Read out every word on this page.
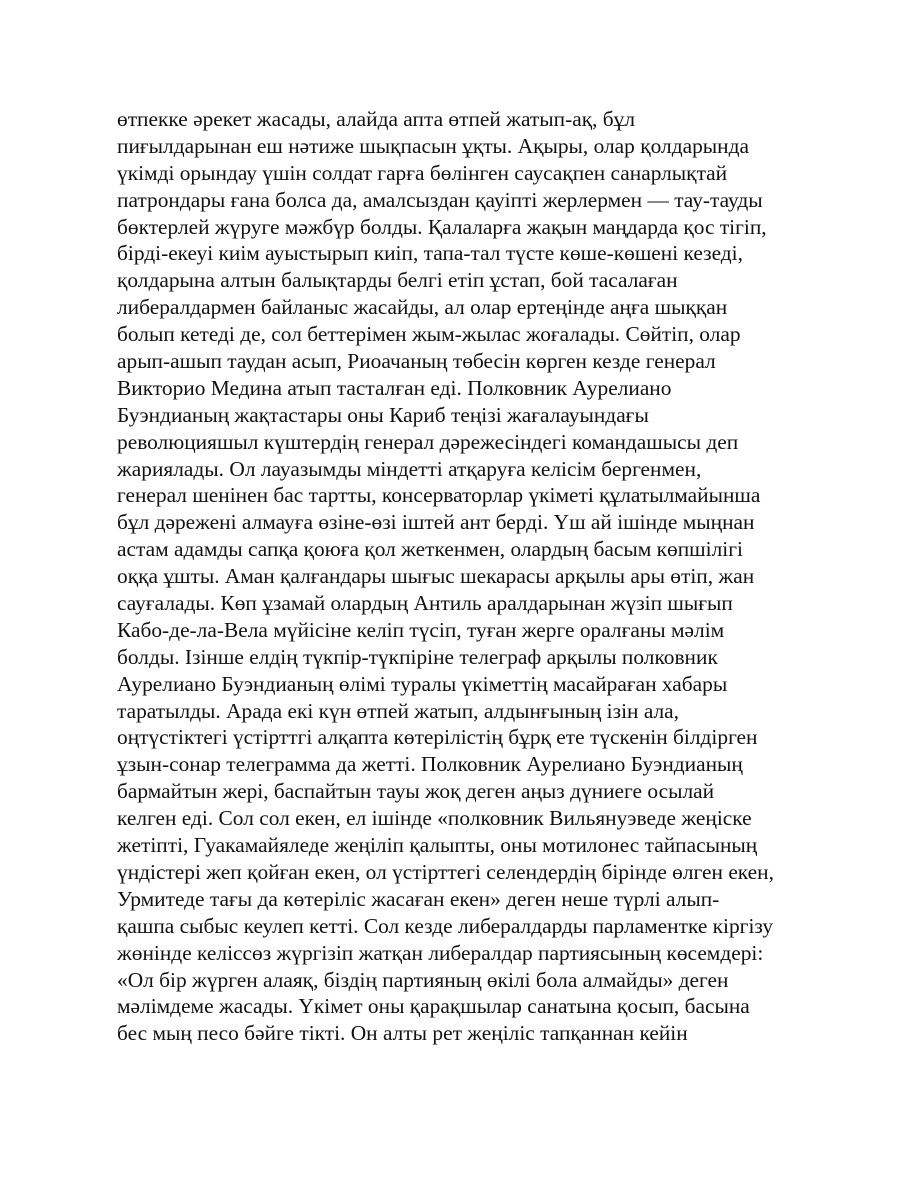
өтпекке әрекет жасады, алайда апта өтпей жатып-ақ, бұл
пиғылдарынан еш нәтиже шықпасын ұқты. Ақыры, олар қолдарында
үкімді орындау үшін солдат гарға бөлінген саусақпен санарлықтай
патрондары ғана болса да, амалсыздан қауіпті жерлермен — тау-тауды
бөктерлей жүруге мәжбүр болды. Қалаларға жақын маңдарда қос тігіп,
бірді-екеуі киім ауыстырып киіп, тапа-тал түсте көше-көшені кезеді,
қолдарына алтын балықтарды белгі етіп ұстап, бой тасалаған
либералдармен байланыс жасайды, ал олар ертеңінде аңға шыққан
болып кетеді де, сол беттерімен жым-жылас жоғалады. Сөйтіп, олар
арып-ашып таудан асып, Риоачаның төбесін көрген кезде генерал
Викторио Медина атып тасталған еді. Полковник Аурелиано
Буэндианың жақтастары оны Кариб теңізі жағалауындағы
революцияшыл күштердің генерал дәрежесіндегі командашысы деп
жариялады. Ол лауазымды міндетті атқаруға келісім бергенмен,
генерал шенінен бас тартты, консерваторлар үкіметі құлатылмайынша
бұл дәрежені алмауға өзіне-өзі іштей ант берді. Үш ай ішінде мыңнан
астам адамды сапқа қоюға қол жеткенмен, олардың басым көпшілігі
оққа ұшты. Аман қалғандары шығыс шекарасы арқылы ары өтіп, жан
сауғалады. Көп ұзамай олардың Антиль аралдарынан жүзіп шығып
Кабо-де-ла-Вела мүйісіне келіп түсіп, туған жерге оралғаны мәлім
болды. Ізінше елдің түкпір-түкпіріне телеграф арқылы полковник
Аурелиано Буэндианың өлімі туралы үкіметтің масайраған хабары
таратылды. Арада екі күн өтпей жатып, алдынғының ізін ала,
оңтүстіктегі үстірттгі алқапта көтерілістің бұрқ ете түскенін білдірген
ұзын-сонар телеграмма да жетті. Полковник Аурелиано Буэндианың
бармайтын жері, баспайтын тауы жоқ деген аңыз дүниеге осылай
келген еді. Сол сол екен, ел ішінде «полковник Вильянуэведе жеңіске
жетіпті, Гуакамайяледе жеңіліп қалыпты, оны мотилонес тайпасының
үндістері жеп қойған екен, ол үстірттегі селендердің бірінде өлген екен,
Урмитеде тағы да көтеріліс жасаған екен» деген неше түрлі алып-
қашпа сыбыс кеулеп кетті. Сол кезде либералдарды парламентке кіргізу
жөнінде келіссөз жүргізіп жатқан либералдар партиясының көсемдері:
«Ол бір жүрген алаяқ, біздің партияның өкілі бола алмайды» деген
мәлімдеме жасады. Үкімет оны қарақшылар санатына қосып, басына
бес мың песо бәйге тікті. Он алты рет жеңіліс тапқаннан кейін
